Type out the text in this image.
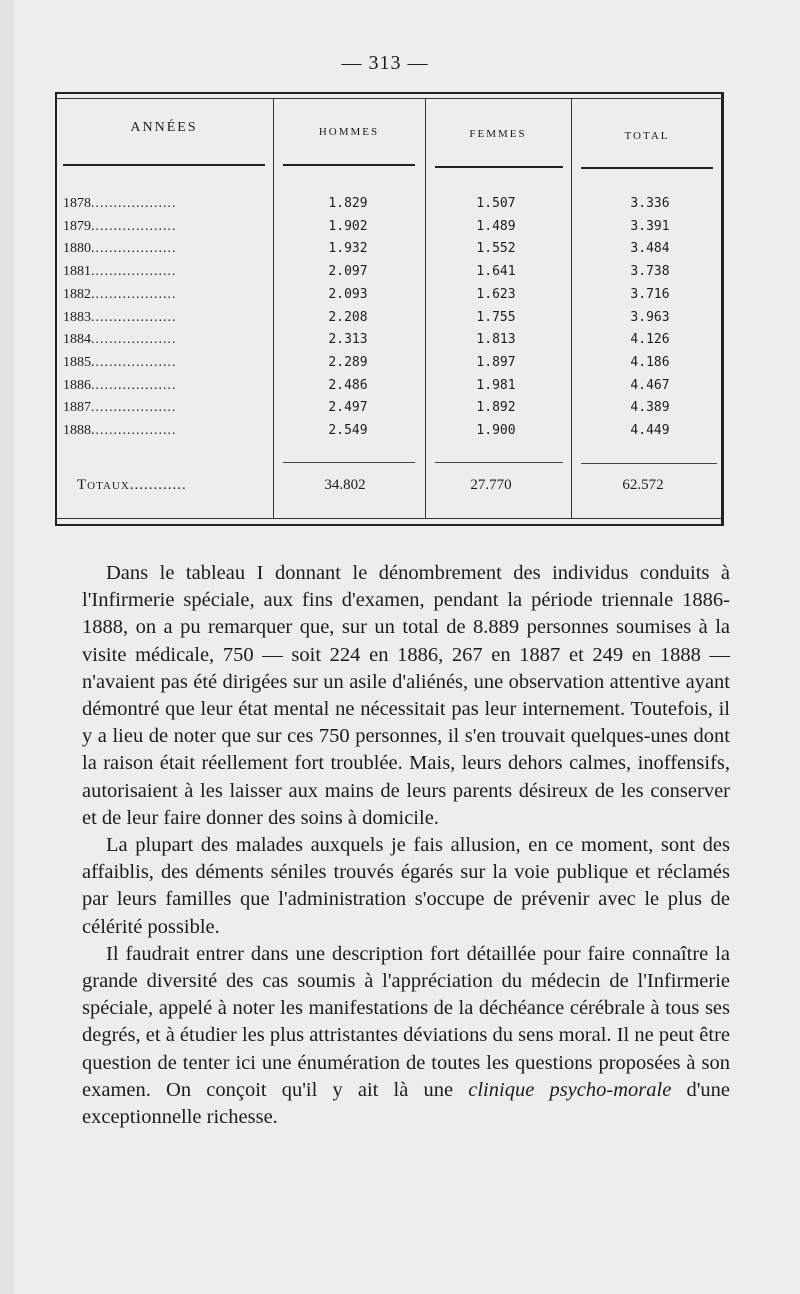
— 313 —
ANNÉES	HOMMES	FEMMES	TOTAL
1878...................	1.829	1.507	3.336
1879...................	1.902	1.489	3.391
1880...................	1.932	1.552	3.484
1881...................	2.097	1.641	3.738
1882...................	2.093	1.623	3.716
1883...................	2.208	1.755	3.963
1884...................	2.313	1.813	4.126
1885...................	2.289	1.897	4.186
1886...................	2.486	1.981	4.467
1887...................	2.497	1.892	4.389
1888...................	2.549	1.900	4.449
Totaux............	34.802	27.770	62.572

Dans le tableau I donnant le dénombrement des individus conduits à l'Infirmerie spéciale, aux fins d'examen, pendant la période triennale 1886-1888, on a pu remarquer que, sur un total de 8.889 personnes soumises à la visite médicale, 750 — soit 224 en 1886, 267 en 1887 et 249 en 1888 — n'avaient pas été dirigées sur un asile d'aliénés, une observation attentive ayant démontré que leur état mental ne nécessitait pas leur internement. Toutefois, il y a lieu de noter que sur ces 750 personnes, il s'en trouvait quelques-unes dont la raison était réellement fort troublée. Mais, leurs dehors calmes, inoffensifs, autorisaient à les laisser aux mains de leurs parents désireux de les conserver et de leur faire donner des soins à domicile.

La plupart des malades auxquels je fais allusion, en ce moment, sont des affaiblis, des déments séniles trouvés égarés sur la voie publique et réclamés par leurs familles que l'administration s'occupe de prévenir avec le plus de célérité possible.

Il faudrait entrer dans une description fort détaillée pour faire connaître la grande diversité des cas soumis à l'appréciation du médecin de l'Infirmerie spéciale, appelé à noter les manifestations de la déchéance cérébrale à tous ses degrés, et à étudier les plus attristantes déviations du sens moral. Il ne peut être question de tenter ici une énumération de toutes les questions proposées à son examen. On conçoit qu'il y ait là une clinique psycho-morale d'une exceptionnelle richesse.
